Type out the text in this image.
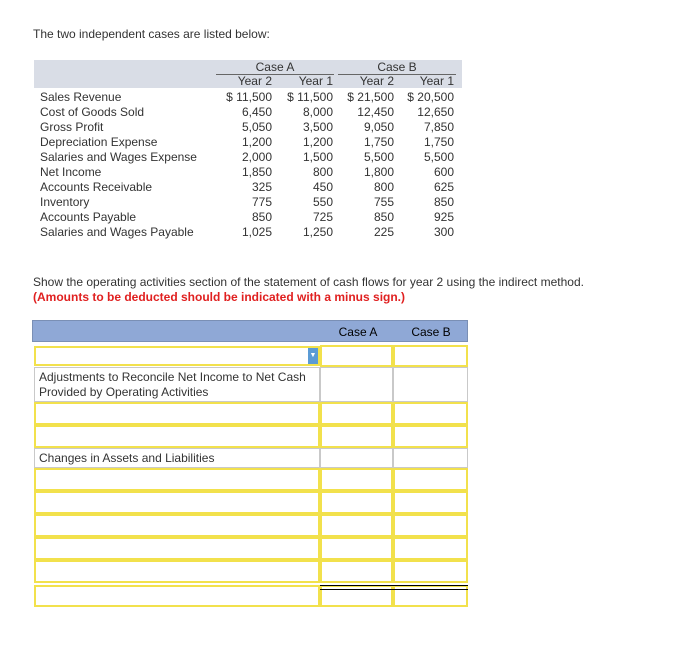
The two independent cases are listed below:
Case A	Case B
Year 2	Year 1	Year 2	Year 1
Sales Revenue	$ 11,500	$ 11,500	$ 21,500	$ 20,500
Cost of Goods Sold	6,450	8,000	12,450	12,650
Gross Profit	5,050	3,500	9,050	7,850
Depreciation Expense	1,200	1,200	1,750	1,750
Salaries and Wages Expense	2,000	1,500	5,500	5,500
Net Income	1,850	800	1,800	600
Accounts Receivable	325	450	800	625
Inventory	775	550	755	850
Accounts Payable	850	725	850	925
Salaries and Wages Payable	1,025	1,250	225	300
Show the operating activities section of the statement of cash flows for year 2 using the indirect method.
(Amounts to be deducted should be indicated with a minus sign.)
Case A	Case B
▼
Adjustments to Reconcile Net Income to Net Cash Provided by Operating Activities
Changes in Assets and Liabilities
